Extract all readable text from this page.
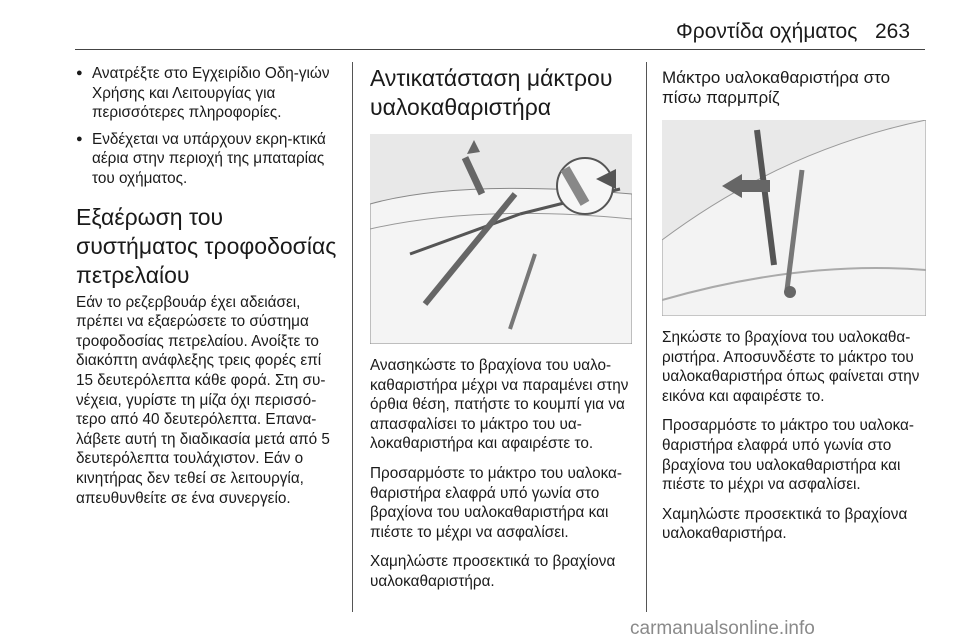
Φροντίδα οχήματος 263
● Ανατρέξτε στο Εγχειρίδιο Οδη-γιών Χρήσης και Λειτουργίας για περισσότερες πληροφορίες.
● Ενδέχεται να υπάρχουν εκρη-κτικά αέρια στην περιοχή της μπαταρίας του οχήματος.
Εξαέρωση του συστήματος τροφοδοσίας πετρελαίου

Εάν το ρεζερβουάρ έχει αδειάσει, πρέπει να εξαερώσετε το σύστημα τροφοδοσίας πετρελαίου. Ανοίξτε το διακόπτη ανάφλεξης τρεις φορές επί 15 δευτερόλεπτα κάθε φορά. Στη συ-νέχεια, γυρίστε τη μίζα όχι περισσό-τερο από 40 δευτερόλεπτα. Επανα-λάβετε αυτή τη διαδικασία μετά από 5 δευτερόλεπτα τουλάχιστον. Εάν ο κινητήρας δεν τεθεί σε λειτουργία, απευθυνθείτε σε ένα συνεργείο.

Αντικατάσταση μάκτρου υαλοκαθαριστήρα

Ανασηκώστε το βραχίονα του υαλο-καθαριστήρα μέχρι να παραμένει στην όρθια θέση, πατήστε το κουμπί για να απασφαλίσει το μάκτρο του υα-λοκαθαριστήρα και αφαιρέστε το.

Προσαρμόστε το μάκτρο του υαλοκα-θαριστήρα ελαφρά υπό γωνία στο βραχίονα του υαλοκαθαριστήρα και πιέστε το μέχρι να ασφαλίσει.

Χαμηλώστε προσεκτικά το βραχίονα υαλοκαθαριστήρα.

Μάκτρο υαλοκαθαριστήρα στο πίσω παρμπρίζ

Σηκώστε το βραχίονα του υαλοκαθα-ριστήρα. Αποσυνδέστε το μάκτρο του υαλοκαθαριστήρα όπως φαίνεται στην εικόνα και αφαιρέστε το.

Προσαρμόστε το μάκτρο του υαλοκα-θαριστήρα ελαφρά υπό γωνία στο βραχίονα του υαλοκαθαριστήρα και πιέστε το μέχρι να ασφαλίσει.

Χαμηλώστε προσεκτικά το βραχίονα υαλοκαθαριστήρα.

carmanualsonline.info
